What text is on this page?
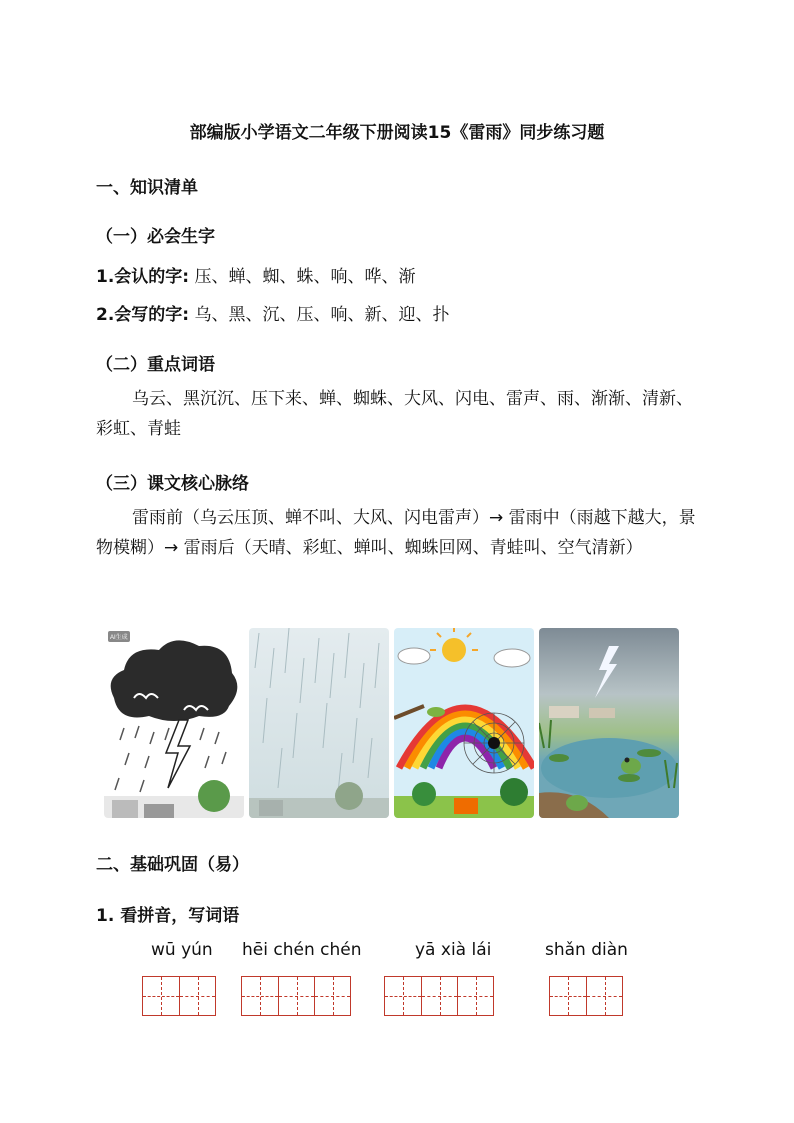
部编版小学语文二年级下册阅读15《雷雨》同步练习题
一、知识清单
（一）必会生字
1.会认的字: 压、蝉、蜘、蛛、响、哗、渐
2.会写的字: 乌、黑、沉、压、响、新、迎、扑
（二）重点词语
乌云、黑沉沉、压下来、蝉、蜘蛛、大风、闪电、雷声、雨、渐渐、清新、彩虹、青蛙
（三）课文核心脉络
雷雨前（乌云压顶、蝉不叫、大风、闪电雷声）→ 雷雨中（雨越下越大，景物模糊）→ 雷雨后（天晴、彩虹、蝉叫、蜘蛛回网、青蛙叫、空气清新）
AI生成
二、基础巩固（易）
1. 看拼音，写词语
wū yún hēi chén chén	yā xià lái	shǎn diàn
